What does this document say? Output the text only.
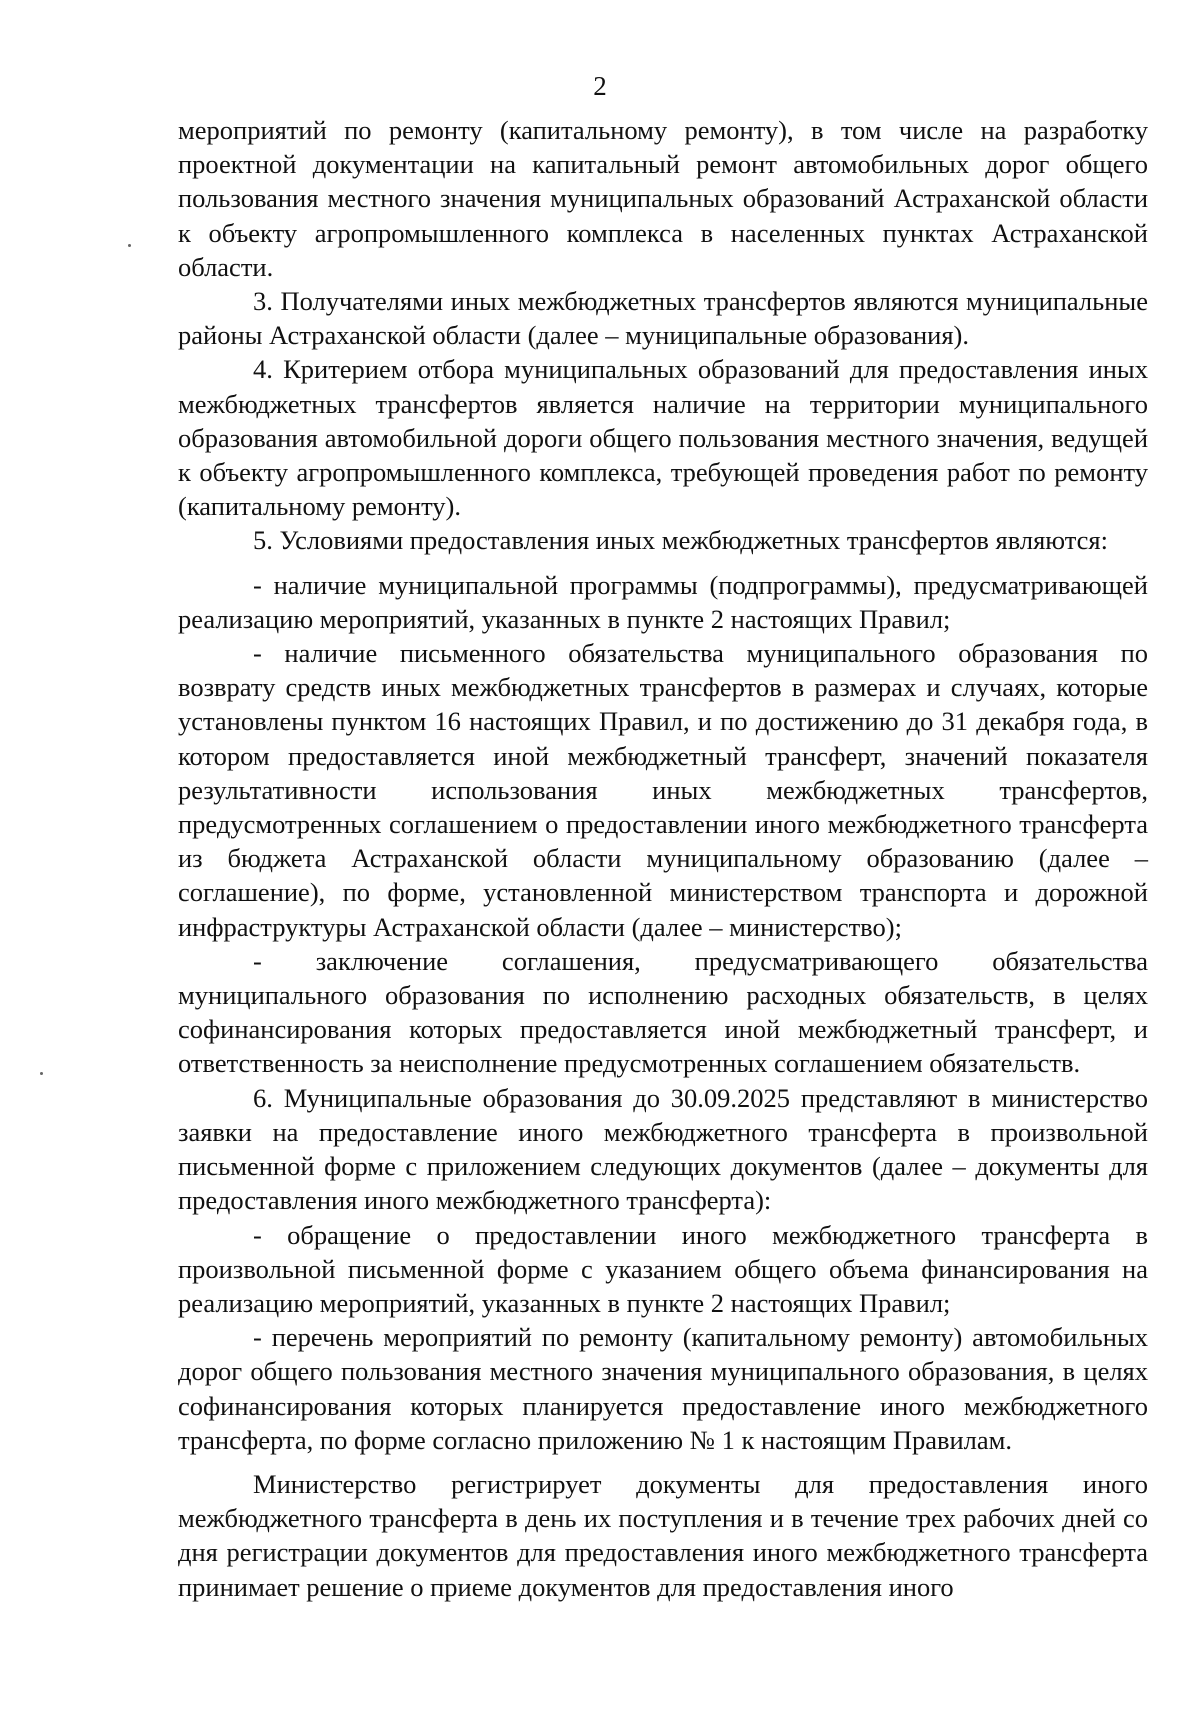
2

мероприятий по ремонту (капитальному ремонту), в том числе на разработку проектной документации на капитальный ремонт автомобильных дорог общего пользования местного значения муниципальных образований Астраханской области к объекту агропромышленного комплекса в населенных пунктах Астраханской области.

3. Получателями иных межбюджетных трансфертов являются муниципальные районы Астраханской области (далее – муниципальные образования).

4. Критерием отбора муниципальных образований для предоставления иных межбюджетных трансфертов является наличие на территории муниципального образования автомобильной дороги общего пользования местного значения, ведущей к объекту агропромышленного комплекса, требующей проведения работ по ремонту (капитальному ремонту).

5. Условиями предоставления иных межбюджетных трансфертов являются:

- наличие муниципальной программы (подпрограммы), предусматривающей реализацию мероприятий, указанных в пункте 2 настоящих Правил;

- наличие письменного обязательства муниципального образования по возврату средств иных межбюджетных трансфертов в размерах и случаях, которые установлены пунктом 16 настоящих Правил, и по достижению до 31 декабря года, в котором предоставляется иной межбюджетный трансферт, значений показателя результативности использования иных межбюджетных трансфертов, предусмотренных соглашением о предоставлении иного межбюджетного трансферта из бюджета Астраханской области муниципальному образованию (далее – соглашение), по форме, установленной министерством транспорта и дорожной инфраструктуры Астраханской области (далее – министерство);

- заключение соглашения, предусматривающего обязательства муниципального образования по исполнению расходных обязательств, в целях софинансирования которых предоставляется иной межбюджетный трансферт, и ответственность за неисполнение предусмотренных соглашением обязательств.

6. Муниципальные образования до 30.09.2025 представляют в министерство заявки на предоставление иного межбюджетного трансферта в произвольной письменной форме с приложением следующих документов (далее – документы для предоставления иного межбюджетного трансферта):

- обращение о предоставлении иного межбюджетного трансферта в произвольной письменной форме с указанием общего объема финансирования на реализацию мероприятий, указанных в пункте 2 настоящих Правил;

- перечень мероприятий по ремонту (капитальному ремонту) автомобильных дорог общего пользования местного значения муниципального образования, в целях софинансирования которых планируется предоставление иного межбюджетного трансферта, по форме согласно приложению № 1 к настоящим Правилам.

Министерство регистрирует документы для предоставления иного межбюджетного трансферта в день их поступления и в течение трех рабочих дней со дня регистрации документов для предоставления иного межбюджетного трансферта принимает решение о приеме документов для предоставления иного
